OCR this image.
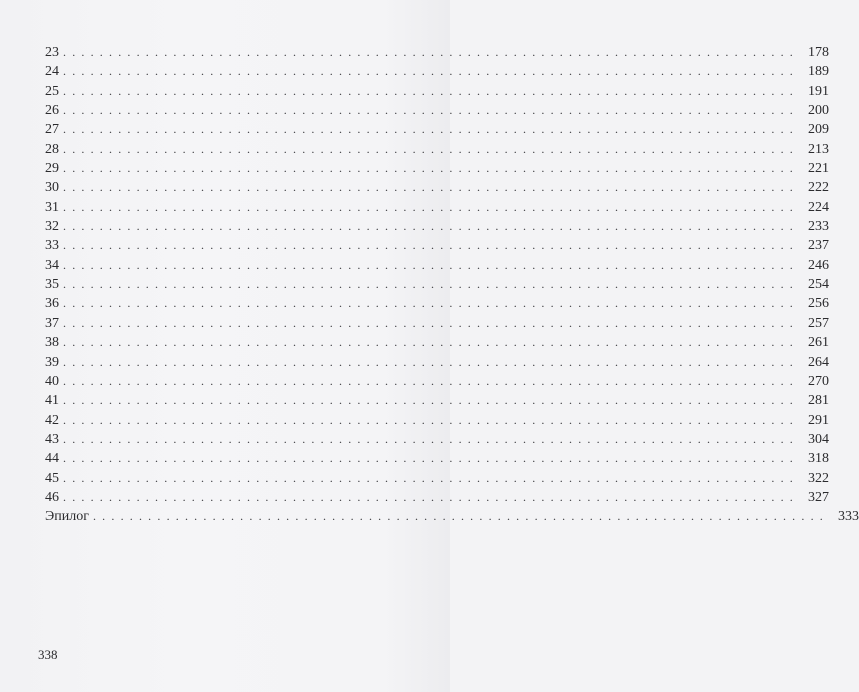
23 ................................................................................ 178
24 ................................................................................ 189
25 ................................................................................ 191
26 ................................................................................ 200
27 ................................................................................ 209
28 ................................................................................ 213
29 ................................................................................ 221
30 ................................................................................ 222
31 ................................................................................ 224
32 ................................................................................ 233
33 ................................................................................ 237
34 ................................................................................ 246
35 ................................................................................ 254
36 ................................................................................ 256
37 ................................................................................ 257
38 ................................................................................ 261
39 ................................................................................ 264
40 ................................................................................ 270
41 ................................................................................ 281
42 ................................................................................ 291
43 ................................................................................ 304
44 ................................................................................ 318
45 ................................................................................ 322
46 ................................................................................ 327
Эпилог ................................................................................ 333
338
